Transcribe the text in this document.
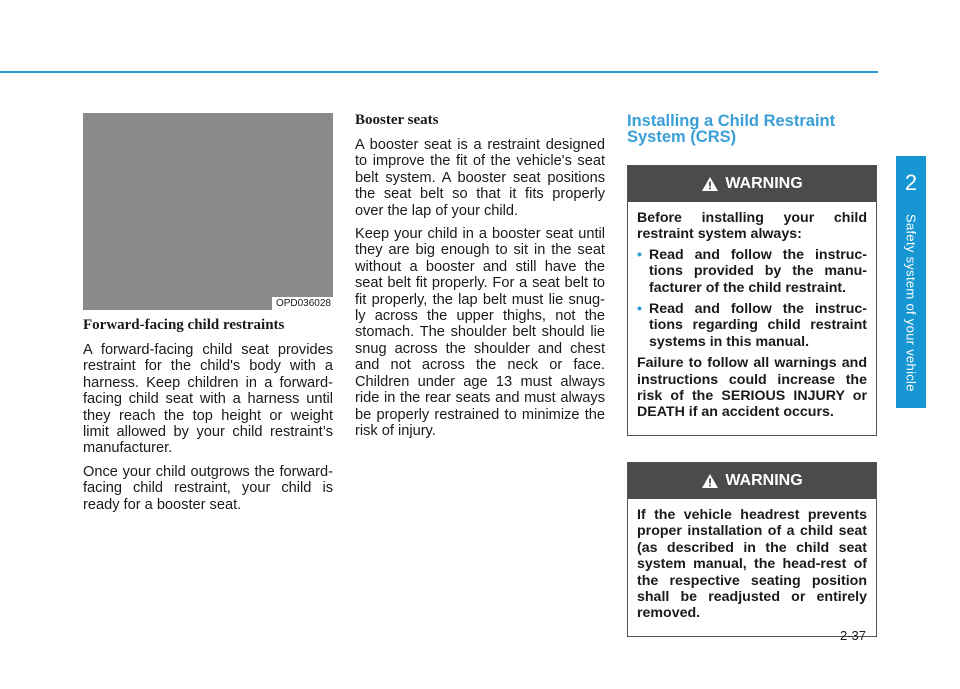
2
Safety system of your vehicle
OPD036028
Forward-facing child restraints

A forward-facing child seat provides restraint for the child's body with a harness. Keep children in a forward-facing child seat with a harness until they reach the top height or weight limit allowed by your child restraint’s manufacturer.

Once your child outgrows the forward-facing child restraint, your child is ready for a booster seat.

Booster seats

A booster seat is a restraint designed to improve the fit of the vehicle's seat belt system. A booster seat positions the seat belt so that it fits properly over the lap of your child.

Keep your child in a booster seat until they are big enough to sit in the seat without a booster and still have the seat belt fit properly. For a seat belt to fit properly, the lap belt must lie snug-ly across the upper thighs, not the stomach. The shoulder belt should lie snug across the shoulder and chest and not across the neck or face. Children under age 13 must always ride in the rear seats and must always be properly restrained to minimize the risk of injury.

Installing a Child Restraint System (CRS)
WARNING

Before installing your child restraint system always:

• Read and follow the instruc-tions provided by the manu-facturer of the child restraint.
• Read and follow the instruc-tions regarding child restraint systems in this manual.

Failure to follow all warnings and instructions could increase the risk of the SERIOUS INJURY or DEATH if an accident occurs.

WARNING

If the vehicle headrest prevents proper installation of a child seat (as described in the child seat system manual, the head-rest of the respective seating position shall be readjusted or entirely removed.

2-37
